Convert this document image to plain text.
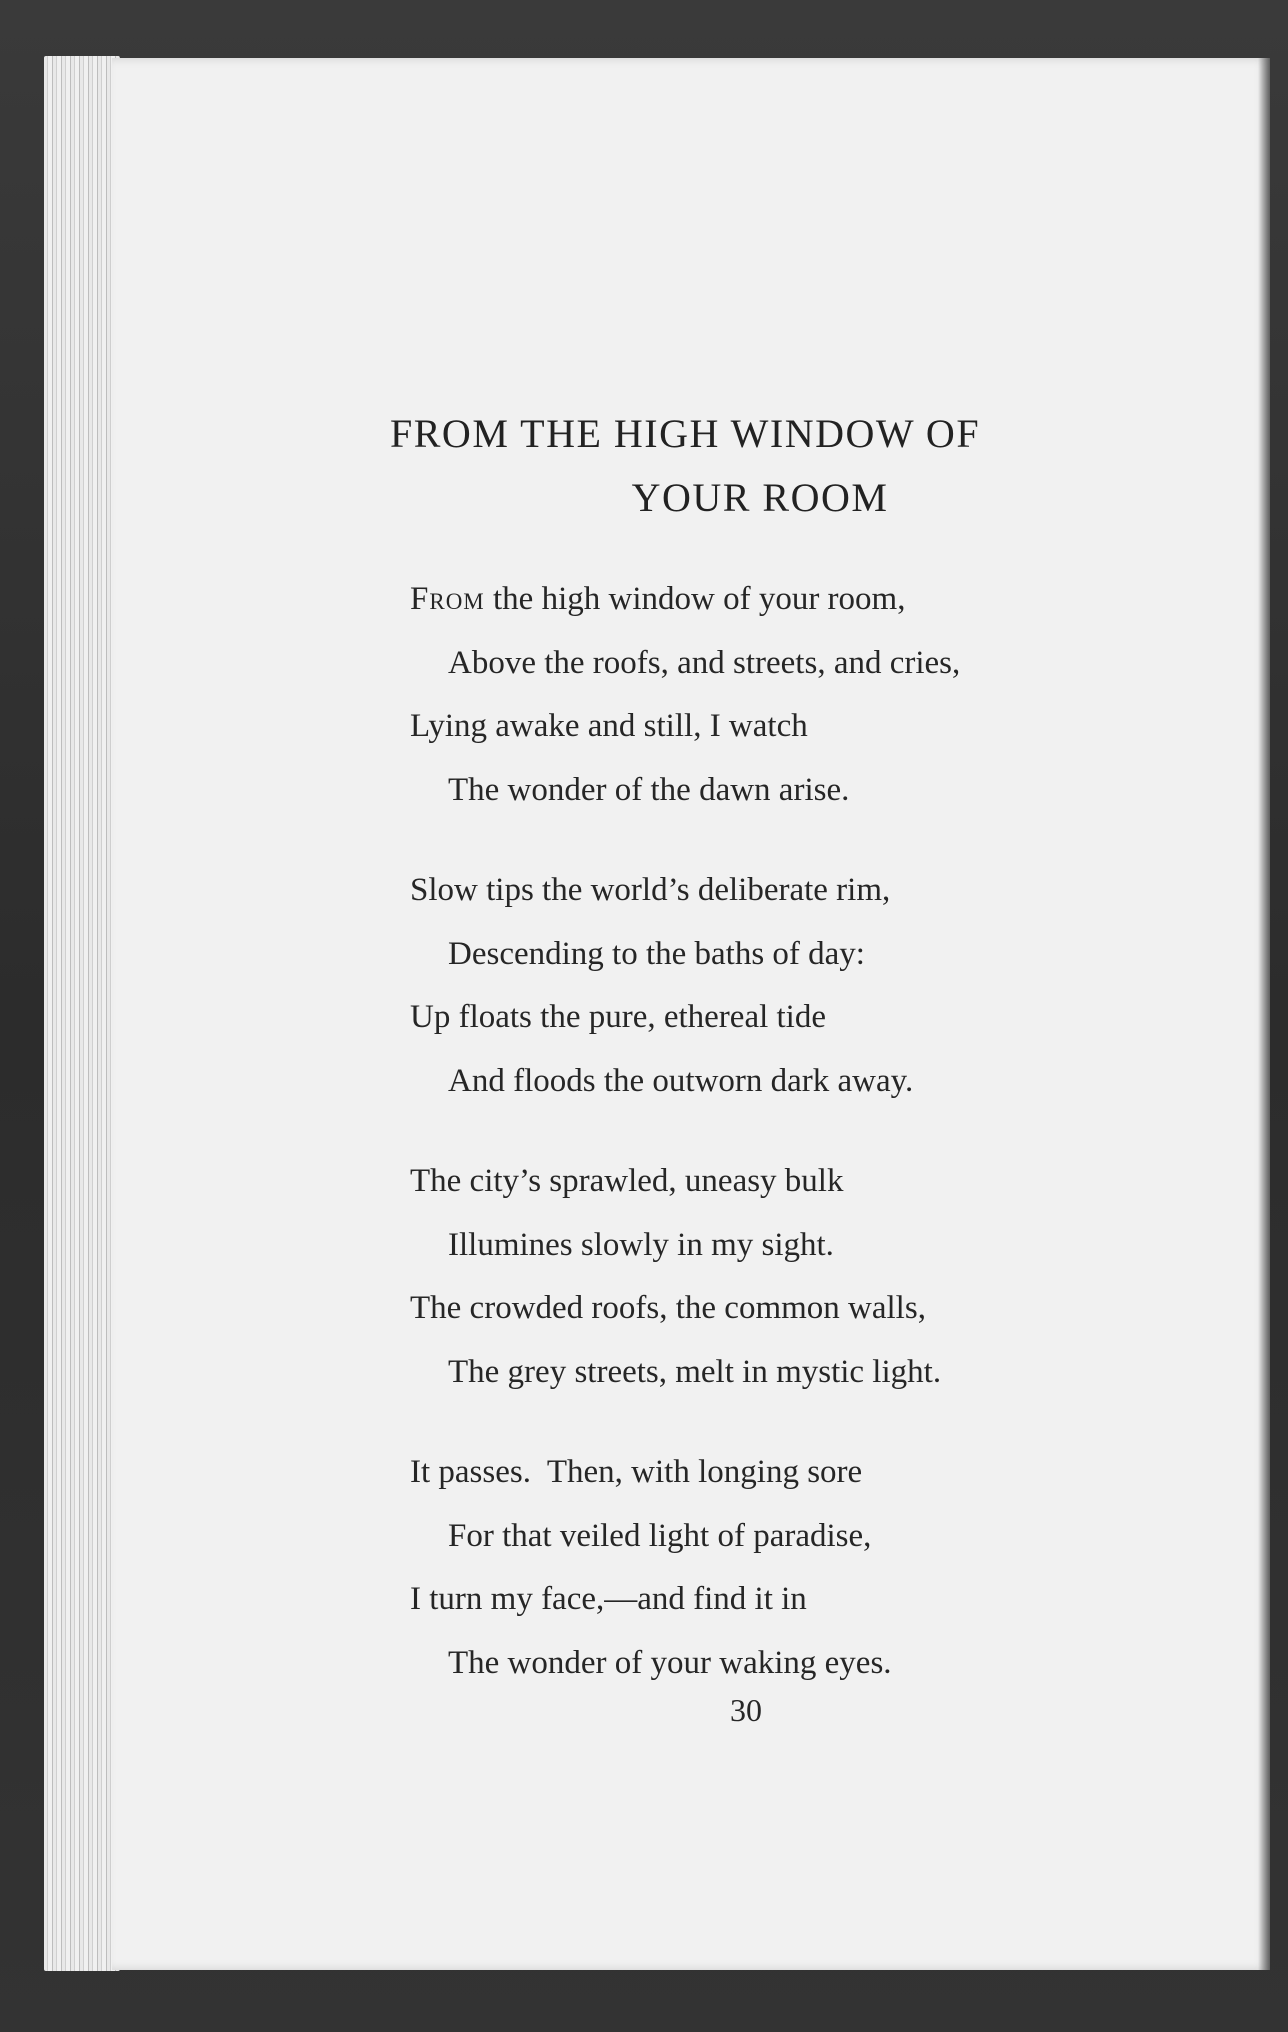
FROM THE HIGH WINDOW OF
YOUR ROOM
From the high window of your room,
Above the roofs, and streets, and cries,
Lying awake and still, I watch
The wonder of the dawn arise.
Slow tips the world’s deliberate rim,
Descending to the baths of day:
Up floats the pure, ethereal tide
And floods the outworn dark away.
The city’s sprawled, uneasy bulk
Illumines slowly in my sight.
The crowded roofs, the common walls,
The grey streets, melt in mystic light.
It passes.  Then, with longing sore
For that veiled light of paradise,
I turn my face,—and find it in
The wonder of your waking eyes.
30
